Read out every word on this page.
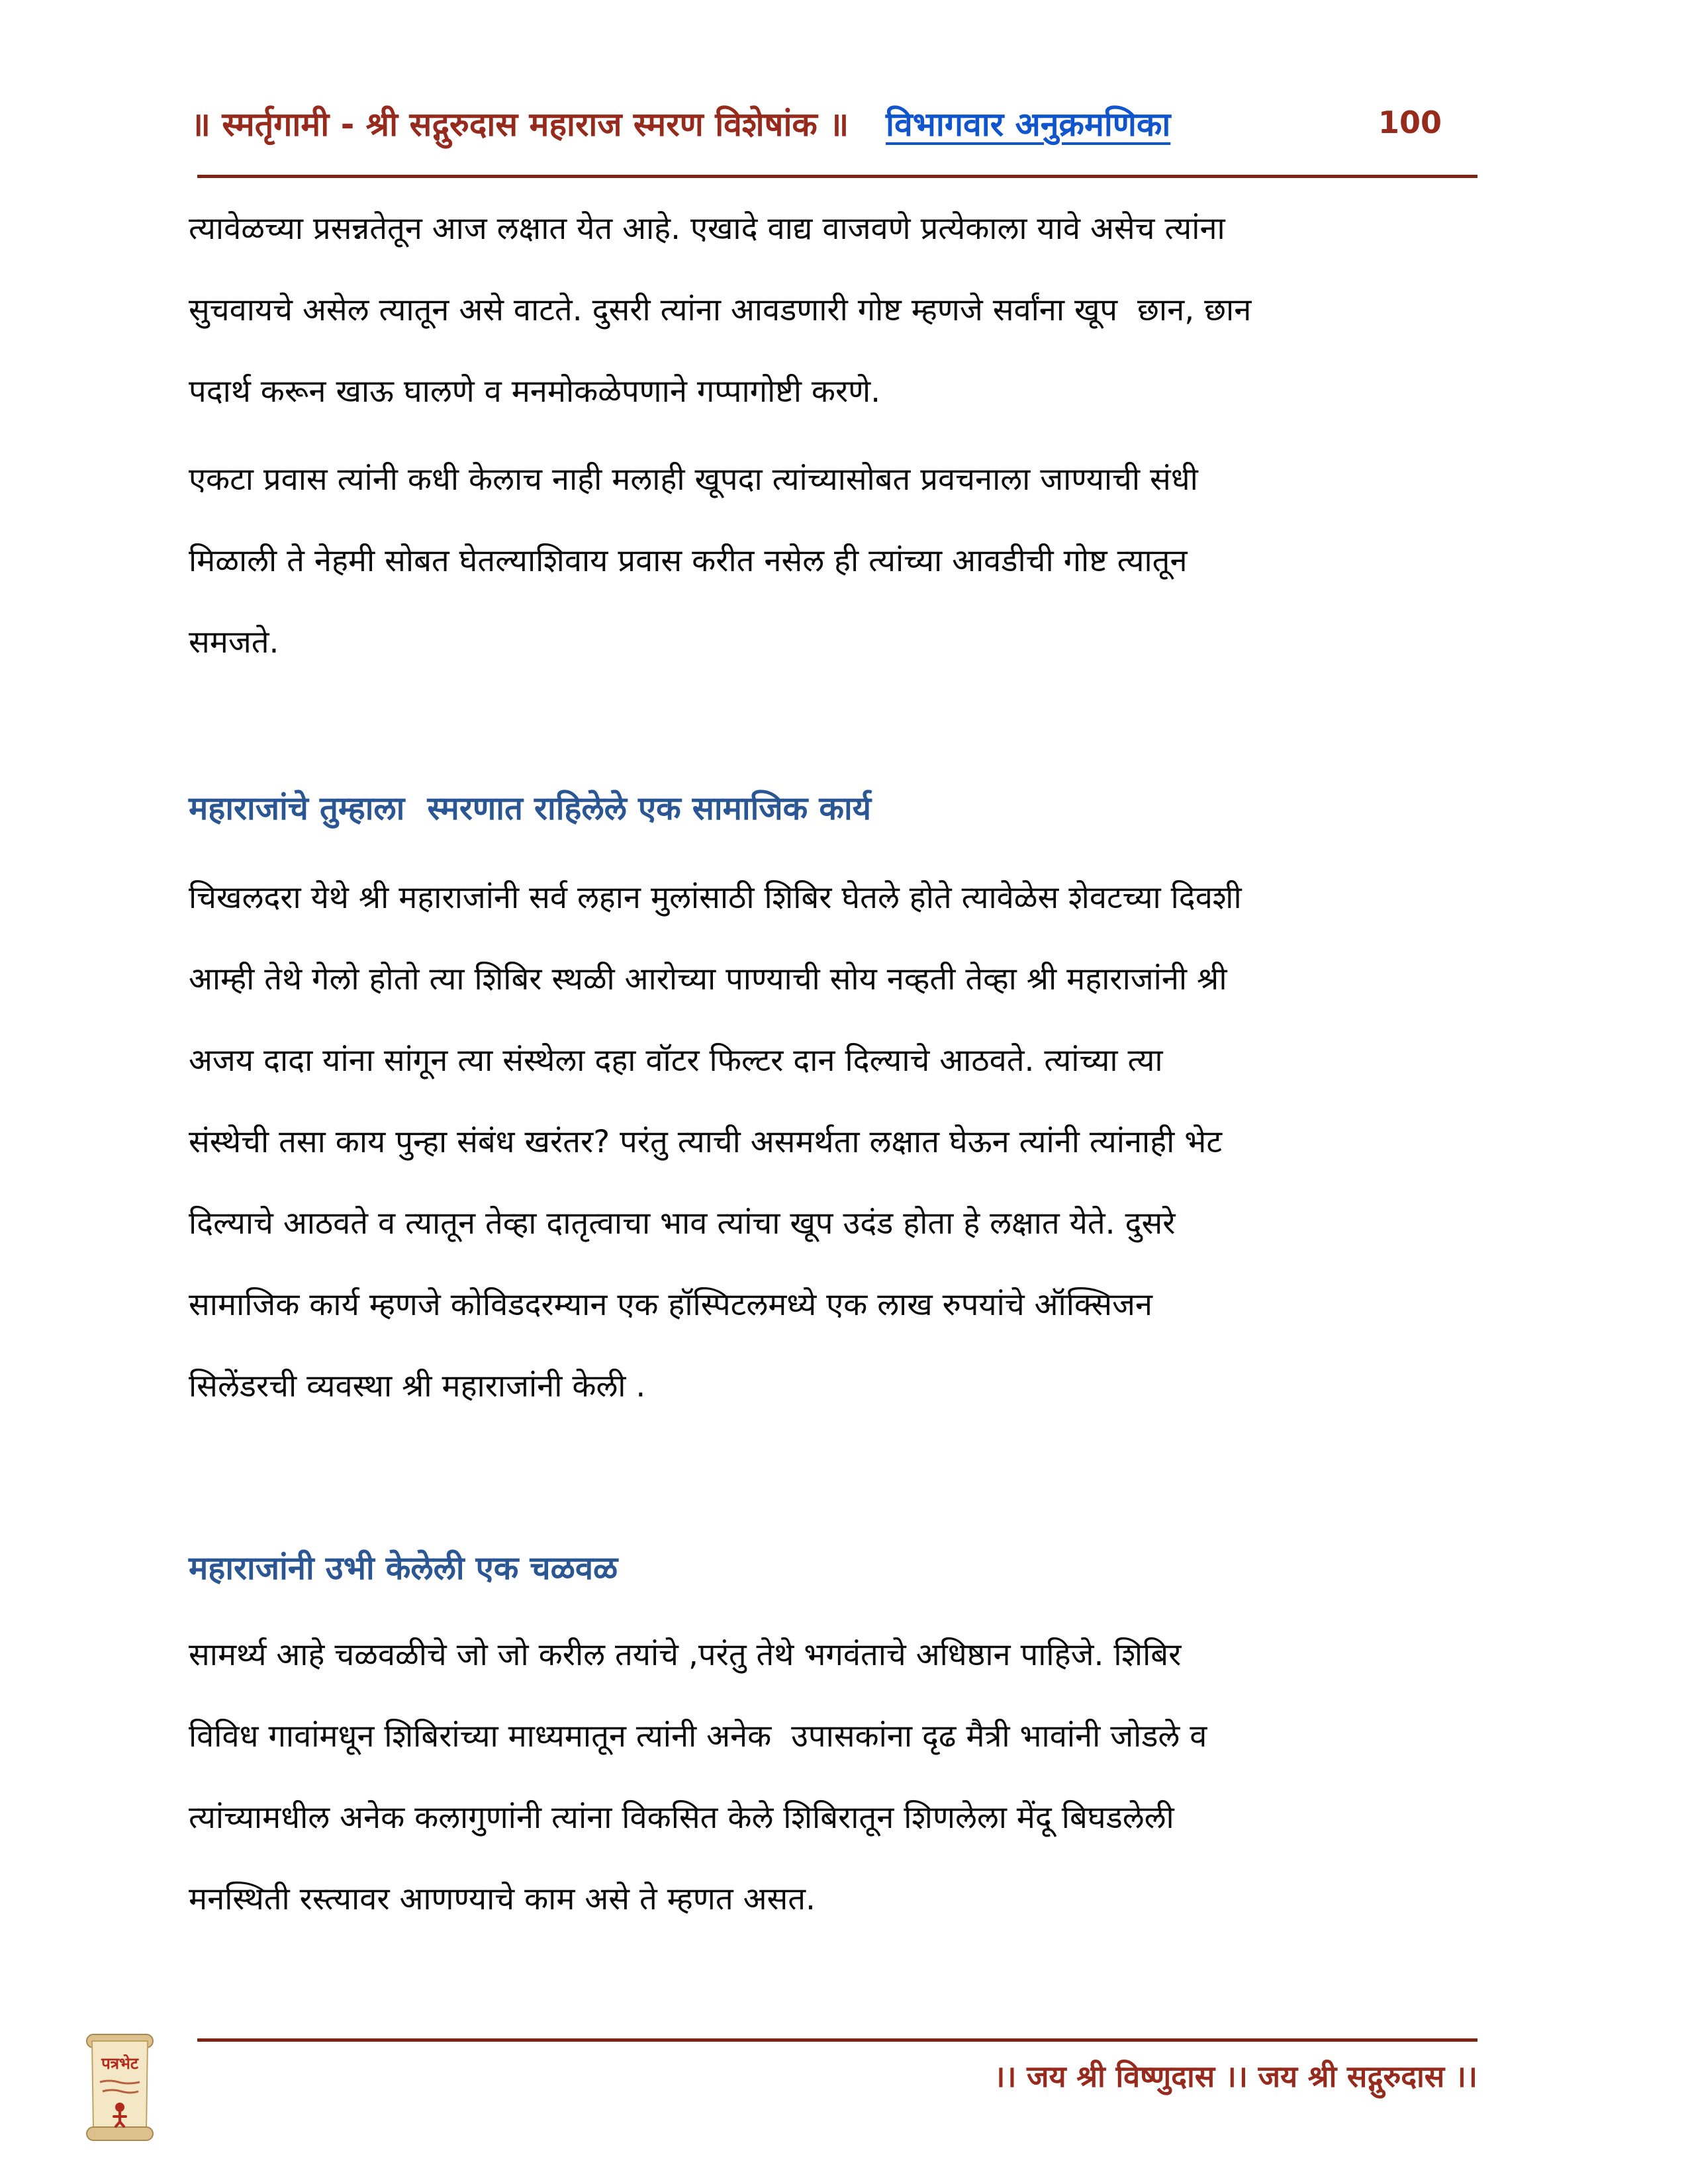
॥ स्मर्तृगामी - श्री सद्गुरुदास महाराज स्मरण विशेषांक ॥ विभागवार अनुक्रमणिका	100
त्यावेळच्या प्रसन्नतेतून आज लक्षात येत आहे. एखादे वाद्य वाजवणे प्रत्येकाला यावे असेच त्यांना
सुचवायचे असेल त्यातून असे वाटते. दुसरी त्यांना आवडणारी गोष्ट म्हणजे सर्वांना खूप  छान, छान
पदार्थ करून खाऊ घालणे व मनमोकळेपणाने गप्पागोष्टी करणे.
एकटा प्रवास त्यांनी कधी केलाच नाही मलाही खूपदा त्यांच्यासोबत प्रवचनाला जाण्याची संधी
मिळाली ते नेहमी सोबत घेतल्याशिवाय प्रवास करीत नसेल ही त्यांच्या आवडीची गोष्ट त्यातून
समजते.
महाराजांचे तुम्हाला  स्मरणात राहिलेले एक सामाजिक कार्य
चिखलदरा येथे श्री महाराजांनी सर्व लहान मुलांसाठी शिबिर घेतले होते त्यावेळेस शेवटच्या दिवशी
आम्ही तेथे गेलो होतो त्या शिबिर स्थळी आरोच्या पाण्याची सोय नव्हती तेव्हा श्री महाराजांनी श्री
अजय दादा यांना सांगून त्या संस्थेला दहा वॉटर फिल्टर दान दिल्याचे आठवते. त्यांच्या त्या
संस्थेची तसा काय पुन्हा संबंध खरंतर? परंतु त्याची असमर्थता लक्षात घेऊन त्यांनी त्यांनाही भेट
दिल्याचे आठवते व त्यातून तेव्हा दातृत्वाचा भाव त्यांचा खूप उदंड होता हे लक्षात येते. दुसरे
सामाजिक कार्य म्हणजे कोविडदरम्यान एक हॉस्पिटलमध्ये एक लाख रुपयांचे ऑक्सिजन
सिलेंडरची व्यवस्था श्री महाराजांनी केली .
महाराजांनी उभी केलेली एक चळवळ
सामर्थ्य आहे चळवळीचे जो जो करील तयांचे ,परंतु तेथे भगवंताचे अधिष्ठान पाहिजे. शिबिर
विविध गावांमधून शिबिरांच्या माध्यमातून त्यांनी अनेक  उपासकांना दृढ मैत्री भावांनी जोडले व
त्यांच्यामधील अनेक कलागुणांनी त्यांना विकसित केले शिबिरातून शिणलेला मेंदू बिघडलेली
मनस्थिती रस्त्यावर आणण्याचे काम असे ते म्हणत असत.
।। जय श्री विष्णुदास ।। जय श्री सद्गुरुदास ।।
पत्रभेट
